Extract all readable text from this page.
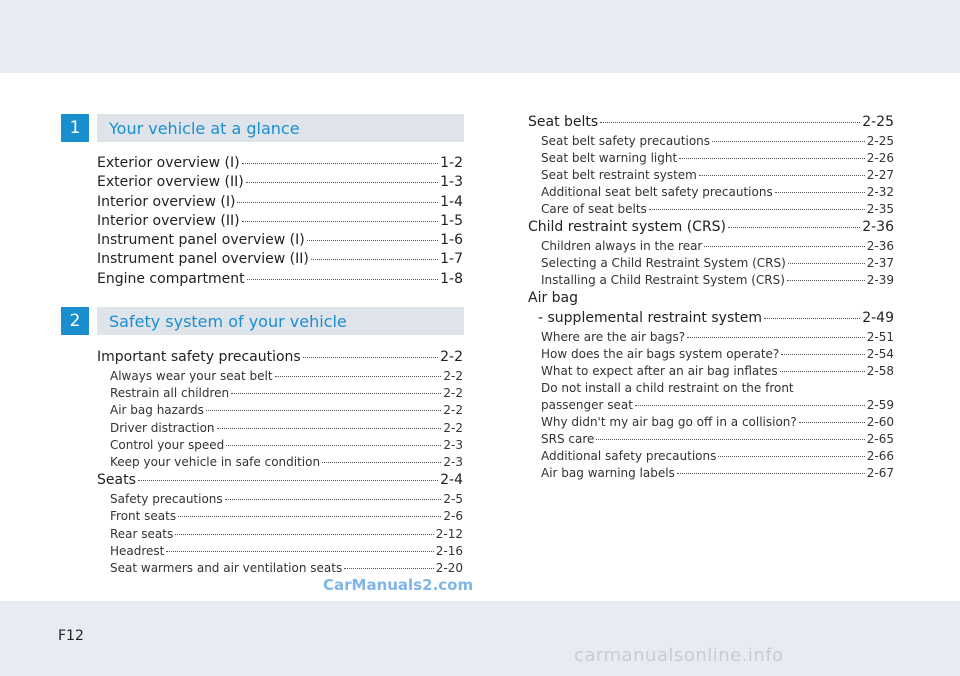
1	Your vehicle at a glance
Exterior overview (I)	1-2
Exterior overview (II)	1-3
Interior overview (I)	1-4
Interior overview (II)	1-5
Instrument panel overview (I)	1-6
Instrument panel overview (II)	1-7
Engine compartment	1-8
2	Safety system of your vehicle
Important safety precautions	2-2
Always wear your seat belt	2-2
Restrain all children	2-2
Air bag hazards	2-2
Driver distraction	2-2
Control your speed	2-3
Keep your vehicle in safe condition	2-3
Seats	2-4
Safety precautions	2-5
Front seats	2-6
Rear seats	2-12
Headrest	2-16
Seat warmers and air ventilation seats	2-20
Seat belts	2-25
Seat belt safety precautions	2-25
Seat belt warning light	2-26
Seat belt restraint system	2-27
Additional seat belt safety precautions	2-32
Care of seat belts	2-35
Child restraint system (CRS)	2-36
Children always in the rear	2-36
Selecting a Child Restraint System (CRS)	2-37
Installing a Child Restraint System (CRS)	2-39
Air bag
- supplemental restraint system	2-49
Where are the air bags?	2-51
How does the air bags system operate?	2-54
What to expect after an air bag inflates	2-58
Do not install a child restraint on the front
passenger seat	2-59
Why didn't my air bag go off in a collision?	2-60
SRS care	2-65
Additional safety precautions	2-66
Air bag warning labels	2-67
CarManuals2.com
F12
carmanualsonline.info
